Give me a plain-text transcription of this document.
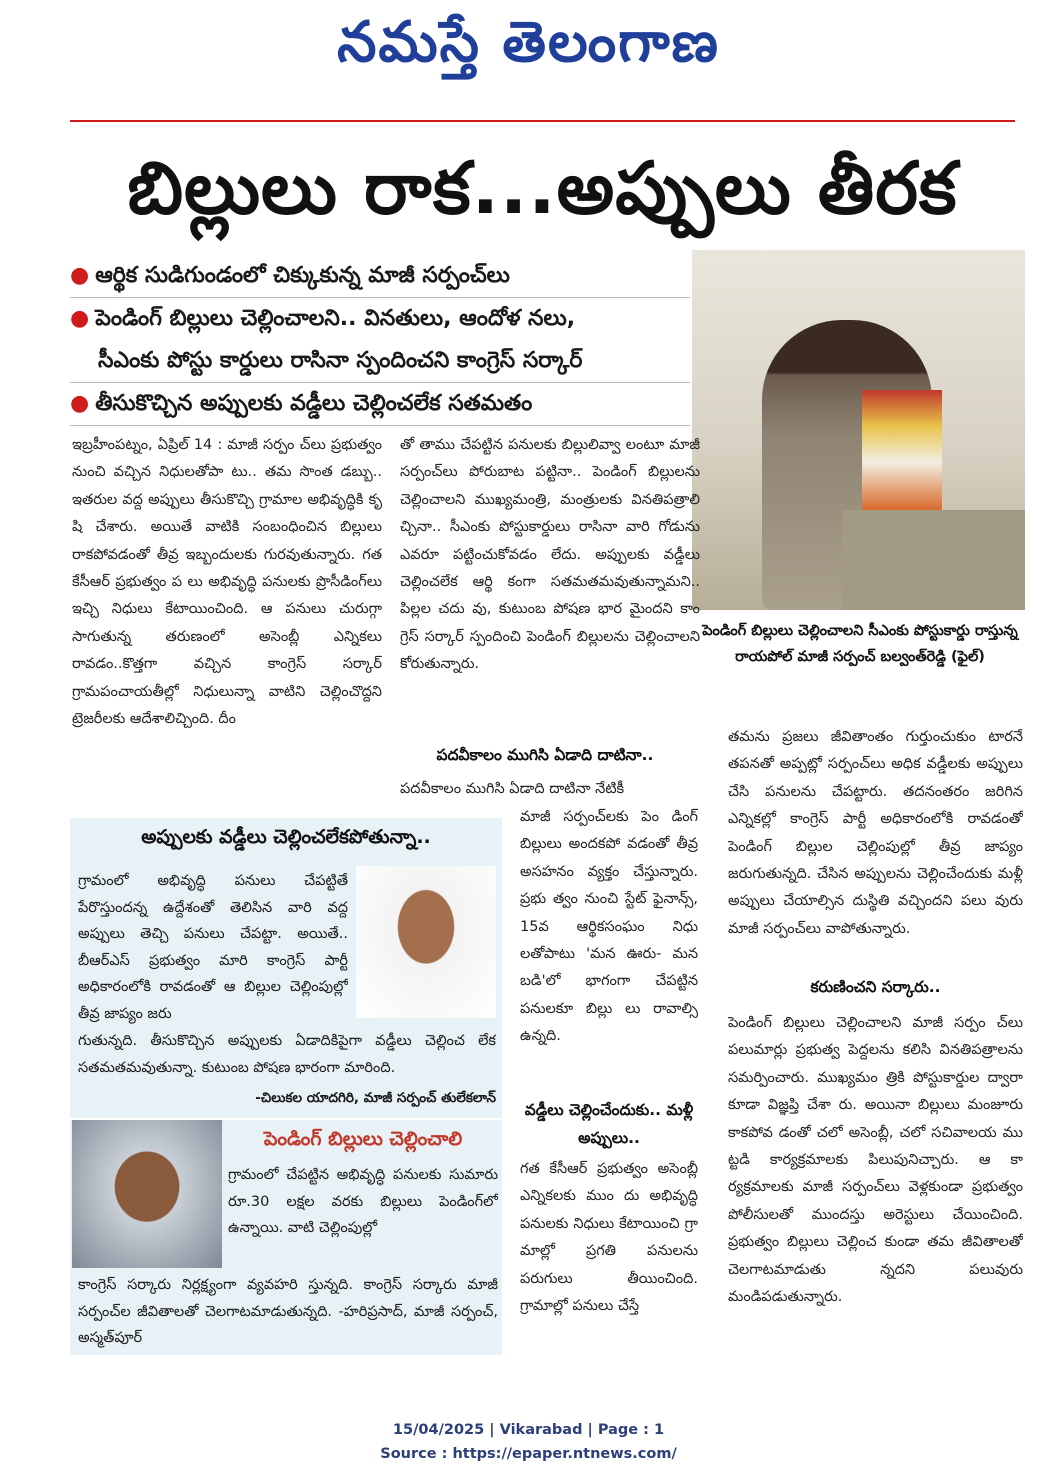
నమస్తే తెలంగాణ
బిల్లులు రాక...అప్పులు తీరక
● ఆర్థిక సుడిగుండంలో చిక్కుకున్న మాజీ సర్పంచ్‌లు
● పెండింగ్ బిల్లులు చెల్లించాలని.. వినతులు, ఆందోళ నలు,
సీఎంకు పోస్టు కార్డులు రాసినా స్పందించని కాంగ్రెస్ సర్కార్
● తీసుకొచ్చిన అప్పులకు వడ్డీలు చెల్లించలేక సతమతం
పెండింగ్ బిల్లులు చెల్లించాలని సీఎంకు పోస్టుకార్డు రాస్తున్న రాయపోల్ మాజీ సర్పంచ్ బల్వంత్‌రెడ్డి (ఫైల్)
ఇబ్రహీంపట్నం, ఏప్రిల్ 14 : మాజీ సర్పం చ్‌లు ప్రభుత్వం నుంచి వచ్చిన నిధులతోపా టు.. తమ సొంత డబ్బు.. ఇతరుల వద్ద అప్పులు తీసుకొచ్చి గ్రామాల అభివృద్ధికి కృ షి చేశారు. అయితే వాటికి సంబంధించిన బిల్లులు రాకపోవడంతో తీవ్ర ఇబ్బందులకు గురవుతున్నారు. గత కేసీఆర్ ప్రభుత్వం ప లు అభివృద్ధి పనులకు ప్రొసీడింగ్‌లు ఇచ్చి నిధులు కేటాయించింది. ఆ పనులు చురుగ్గా సాగుతున్న తరుణంలో అసెంబ్లీ ఎన్నికలు రావడం..కొత్తగా వచ్చిన కాంగ్రెస్ సర్కార్ గ్రామపంచాయతీల్లో నిధులున్నా వాటిని చెల్లించొద్దని ట్రెజరీలకు ఆదేశాలిచ్చింది. దీం
తో తాము చేపట్టిన పనులకు బిల్లులివ్వా లంటూ మాజీ సర్పంచ్‌లు పోరుబాట పట్టినా.. పెండింగ్ బిల్లులను చెల్లించాలని ముఖ్యమంత్రి, మంత్రులకు వినతిపత్రాలి చ్చినా.. సీఎంకు పోస్టుకార్డులు రాసినా వారి గోడును ఎవరూ పట్టించుకోవడం లేదు. అప్పులకు వడ్డీలు చెల్లించలేక ఆర్థి కంగా సతమతమవుతున్నామని.. పిల్లల చదు వు, కుటుంబ పోషణ భార మైందని కాం గ్రెస్ సర్కార్ స్పందించి పెండింగ్ బిల్లులను చెల్లించాలని కోరుతున్నారు.
పదవీకాలం ముగిసి ఏడాది దాటినా..
పదవీకాలం ముగిసి ఏడాది దాటినా నేటికీ
మాజీ సర్పంచ్‌లకు పెం డింగ్ బిల్లులు అందకపో వడంతో తీవ్ర అసహనం వ్యక్తం చేస్తున్నారు. ప్రభు త్వం నుంచి స్టేట్ ఫైనాన్స్, 15వ ఆర్థికసంఘం నిధు లతోపాటు 'మన ఊరు- మన బడి'లో భాగంగా చేపట్టిన పనులకూ బిల్లు లు రావాల్సి ఉన్నది.
వడ్డీలు చెల్లించేందుకు.. మళ్లీ అప్పులు..
గత కేసీఆర్ ప్రభుత్వం అసెంబ్లీ ఎన్నికలకు ముం దు అభివృద్ధి పనులకు నిధులు కేటాయించి గ్రా మాల్లో ప్రగతి పనులను పరుగులు తీయించింది. గ్రామాల్లో పనులు చేస్తే
తమను ప్రజలు జీవితాంతం గుర్తుంచుకుం టారనే తపనతో అప్పట్లో సర్పంచ్‌లు అధిక వడ్డీలకు అప్పులు చేసి పనులను చేపట్టారు. తదనంతరం జరిగిన ఎన్నికల్లో కాంగ్రెస్ పార్టీ అధికారంలోకి రావడంతో పెండింగ్ బిల్లుల చెల్లింపుల్లో తీవ్ర జాప్యం జరుగుతున్నది. చేసిన అప్పులను చెల్లించేందుకు మళ్లీ అప్పులు చేయాల్సిన దుస్థితి వచ్చిందని పలు వురు మాజీ సర్పంచ్‌లు వాపోతున్నారు.
కరుణించని సర్కారు..
పెండింగ్ బిల్లులు చెల్లించాలని మాజీ సర్పం చ్‌లు పలుమార్లు ప్రభుత్వ పెద్దలను కలిసి వినతిపత్రాలను సమర్పించారు. ముఖ్యమం త్రికి పోస్టుకార్డుల ద్వారా కూడా విజ్ఞప్తి చేశా రు. అయినా బిల్లులు మంజూరు కాకపోవ డంతో చలో అసెంబ్లీ, చలో సచివాలయ ము ట్టడి కార్యక్రమాలకు పిలుపునిచ్చారు. ఆ కా ర్యక్రమాలకు మాజీ సర్పంచ్‌లు వెళ్లకుండా ప్రభుత్వం పోలీసులతో ముందస్తు అరెస్టులు చేయించింది. ప్రభుత్వం బిల్లులు చెల్లించ కుండా తమ జీవితాలతో చెలగాటమాడుతు న్నదని పలువురు మండిపడుతున్నారు.
అప్పులకు వడ్డీలు చెల్లించలేకపోతున్నా..
గ్రామంలో అభివృద్ధి పనులు చేపట్టితే పేరొస్తుందన్న ఉద్దేశంతో తెలిసిన వారి వద్ద అప్పులు తెచ్చి పనులు చేపట్టా. అయితే.. బీఆర్‌ఎస్ ప్రభుత్వం మారి కాంగ్రెస్ పార్టీ అధికారంలోకి రావడంతో ఆ బిల్లుల చెల్లింపుల్లో తీవ్ర జాప్యం జరు
గుతున్నది. తీసుకొచ్చిన అప్పులకు ఏడాదికిపైగా వడ్డీలు చెల్లించ లేక సతమతమవుతున్నా. కుటుంబ పోషణ భారంగా మారింది.
-చిలుకల యాదగిరి, మాజీ సర్పంచ్ తులేకలాన్
పెండింగ్ బిల్లులు చెల్లించాలి
గ్రామంలో చేపట్టిన అభివృద్ధి పనులకు సుమారు రూ.30 లక్షల వరకు బిల్లులు పెండింగ్‌లో ఉన్నాయి. వాటి చెల్లింపుల్లో
కాంగ్రెస్ సర్కారు నిర్లక్ష్యంగా వ్యవహరి స్తున్నది. కాంగ్రెస్ సర్కారు మాజీ సర్పంచ్‌ల జీవితాలతో చెలగాటమాడుతున్నది. -హరిప్రసాద్, మాజీ సర్పంచ్, అస్మత్‌పూర్
15/04/2025 | Vikarabad | Page : 1
Source : https://epaper.ntnews.com/
